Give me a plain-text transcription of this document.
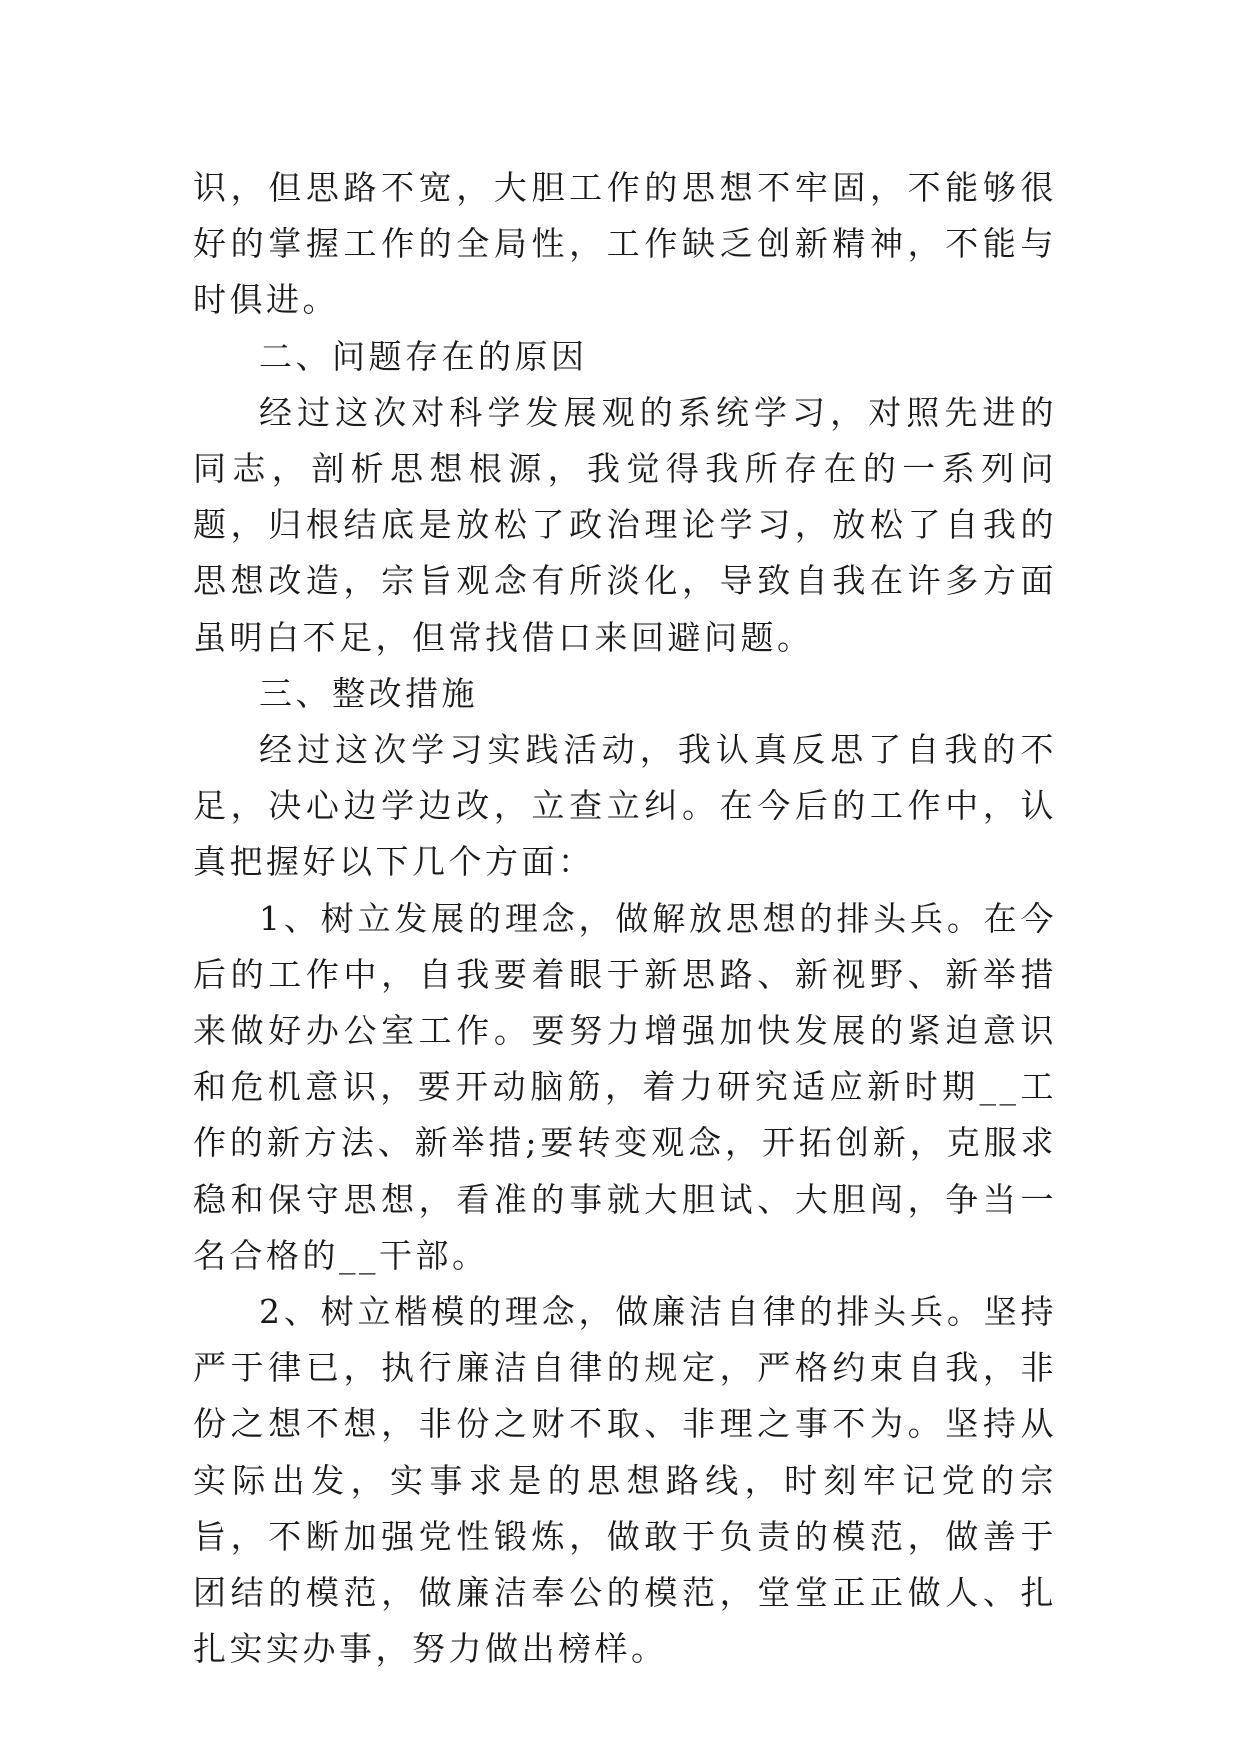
识，但思路不宽，大胆工作的思想不牢固，不能够很好的掌握工作的全局性，工作缺乏创新精神，不能与时俱进。

二、问题存在的原因

经过这次对科学发展观的系统学习，对照先进的同志，剖析思想根源，我觉得我所存在的一系列问题，归根结底是放松了政治理论学习，放松了自我的思想改造，宗旨观念有所淡化，导致自我在许多方面虽明白不足，但常找借口来回避问题。

三、整改措施

经过这次学习实践活动，我认真反思了自我的不足，决心边学边改，立查立纠。在今后的工作中，认真把握好以下几个方面：

1、树立发展的理念，做解放思想的排头兵。在今后的工作中，自我要着眼于新思路、新视野、新举措来做好办公室工作。要努力增强加快发展的紧迫意识和危机意识，要开动脑筋，着力研究适应新时期__工作的新方法、新举措;要转变观念，开拓创新，克服求稳和保守思想，看准的事就大胆试、大胆闯，争当一名合格的__干部。

2、树立楷模的理念，做廉洁自律的排头兵。坚持严于律已，执行廉洁自律的规定，严格约束自我，非份之想不想，非份之财不取、非理之事不为。坚持从实际出发，实事求是的思想路线，时刻牢记党的宗旨，不断加强党性锻炼，做敢于负责的模范，做善于团结的模范，做廉洁奉公的模范，堂堂正正做人、扎扎实实办事，努力做出榜样。
